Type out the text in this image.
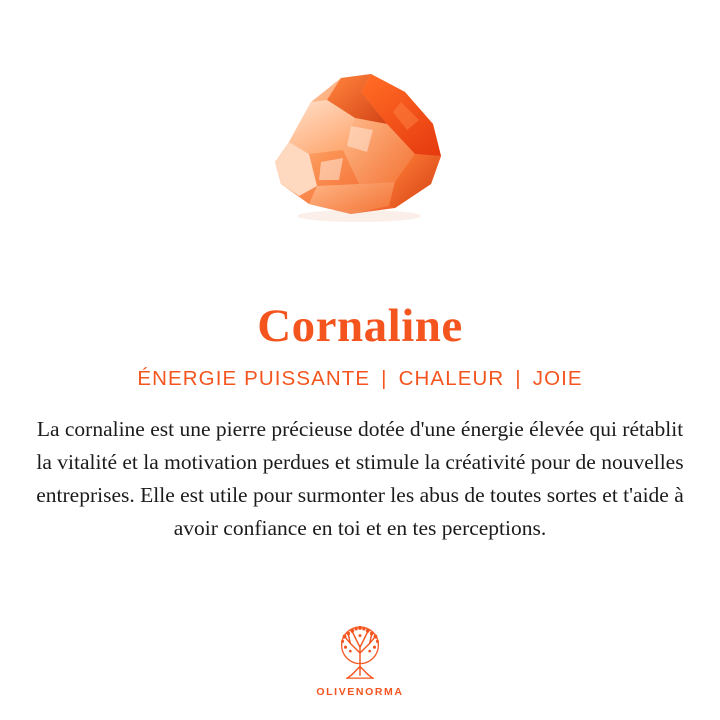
Cornaline
ÉNERGIE PUISSANTE | CHALEUR | JOIE
La cornaline est une pierre précieuse dotée d'une énergie élevée qui rétablit la vitalité et la motivation perdues et stimule la créativité pour de nouvelles entreprises. Elle est utile pour surmonter les abus de toutes sortes et t'aide à avoir confiance en toi et en tes perceptions.
OLIVENORMA
